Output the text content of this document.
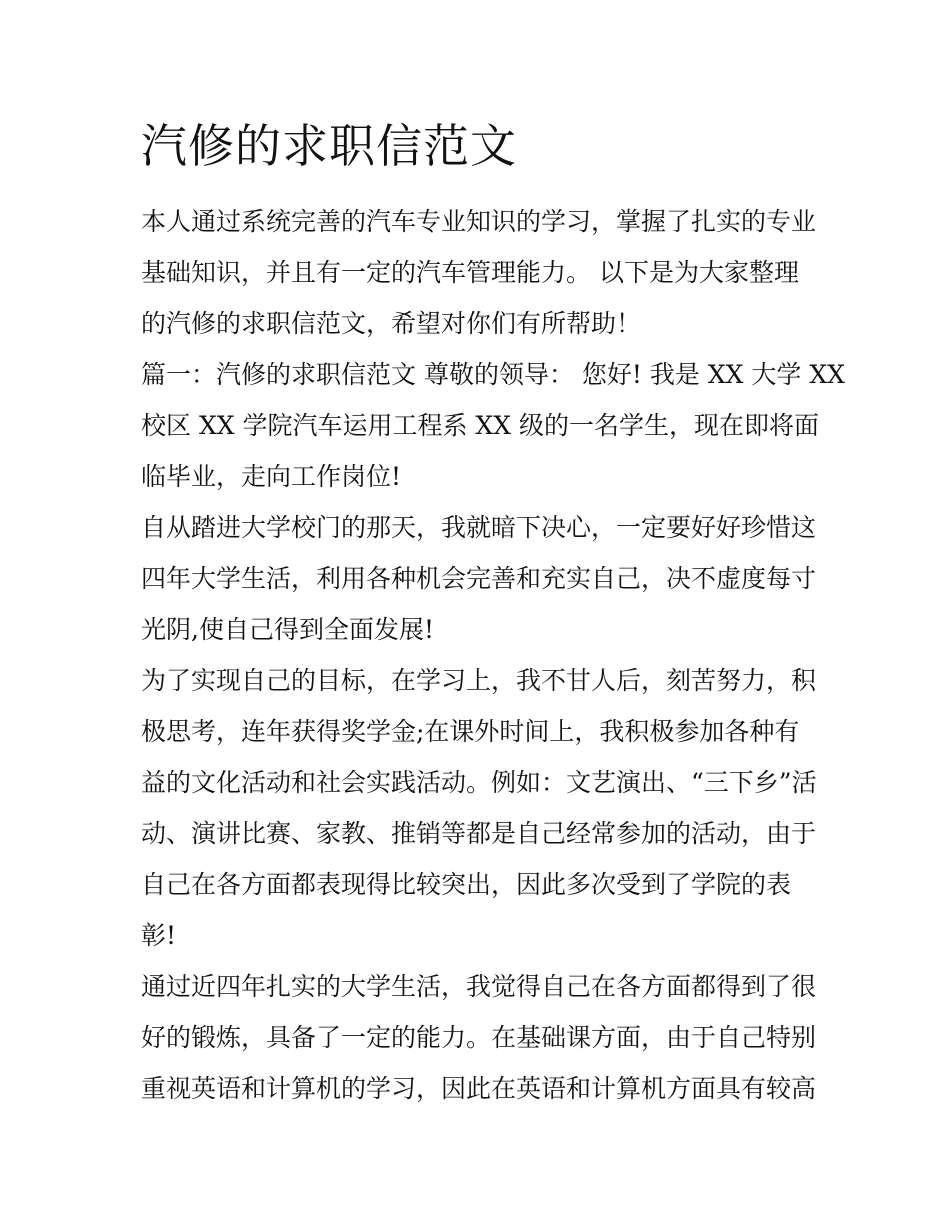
汽修的求职信范文

本人通过系统完善的汽车专业知识的学习，掌握了扎实的专业

基础知识，并且有一定的汽车管理能力。 以下是为大家整理

的汽修的求职信范文，希望对你们有所帮助！

篇一：汽修的求职信范文 尊敬的领导： 您好! 我是 XX 大学 XX

校区 XX 学院汽车运用工程系 XX 级的一名学生，现在即将面

临毕业，走向工作岗位!

自从踏进大学校门的那天，我就暗下决心，一定要好好珍惜这

四年大学生活，利用各种机会完善和充实自己，决不虚度每寸

光阴,使自己得到全面发展!

为了实现自己的目标，在学习上，我不甘人后，刻苦努力，积

极思考，连年获得奖学金;在课外时间上，我积极参加各种有

益的文化活动和社会实践活动。例如：文艺演出、“三下乡”活

动、演讲比赛、家教、推销等都是自己经常参加的活动，由于

自己在各方面都表现得比较突出，因此多次受到了学院的表

彰!

通过近四年扎实的大学生活，我觉得自己在各方面都得到了很

好的锻炼，具备了一定的能力。在基础课方面，由于自己特别

重视英语和计算机的学习，因此在英语和计算机方面具有较高
